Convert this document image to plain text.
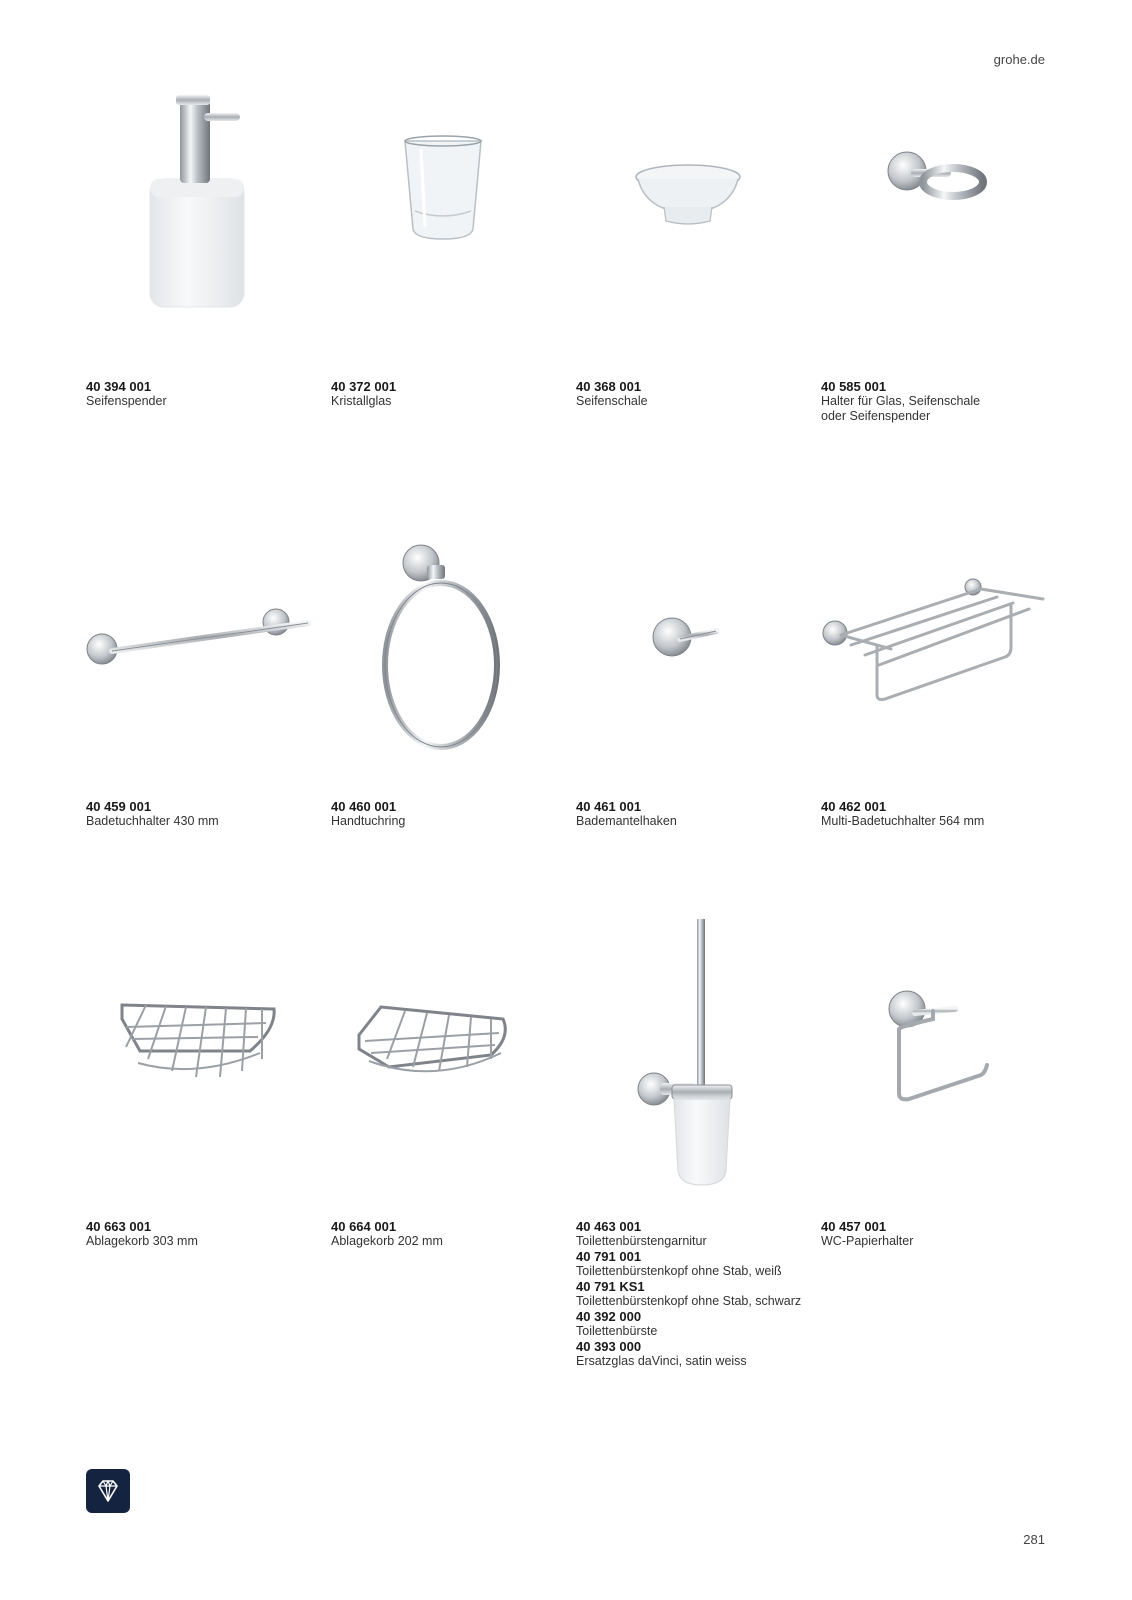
grohe.de
40 394 001
Seifenspender
40 372 001
Kristallglas
40 368 001
Seifenschale
40 585 001
Halter für Glas, Seifenschale
oder Seifenspender
40 459 001
Badetuchhalter 430 mm
40 460 001
Handtuchring
40 461 001
Bademantelhaken
40 462 001
Multi-Badetuchhalter 564 mm
40 663 001
Ablagekorb 303 mm
40 664 001
Ablagekorb 202 mm
40 463 001
Toilettenbürstengarnitur
40 791 001
Toilettenbürstenkopf ohne Stab, weiß
40 791 KS1
Toilettenbürstenkopf ohne Stab, schwarz
40 392 000
Toilettenbürste
40 393 000
Ersatzglas daVinci, satin weiss
40 457 001
WC-Papierhalter
281
